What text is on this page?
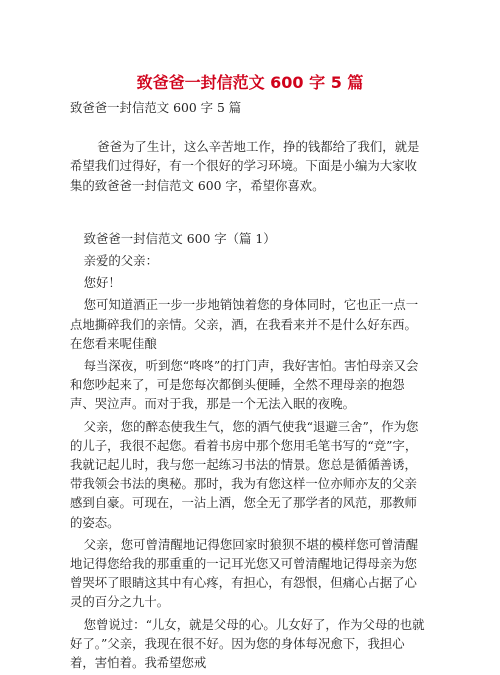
致爸爸一封信范文 600 字 5 篇

致爸爸一封信范文 600 字 5 篇

爸爸为了生计，这么辛苦地工作，挣的钱都给了我们，就是希望我们过得好，有一个很好的学习环境。下面是小编为大家收集的致爸爸一封信范文 600 字，希望你喜欢。

致爸爸一封信范文 600 字（篇 1）

亲爱的父亲：

您好！

您可知道酒正一步一步地销蚀着您的身体同时，它也正一点一点地撕碎我们的亲情。父亲，酒，在我看来并不是什么好东西。在您看来呢佳酿

每当深夜，听到您“咚咚”的打门声，我好害怕。害怕母亲又会和您吵起来了，可是您每次都倒头便睡，全然不理母亲的抱怨声、哭泣声。而对于我，那是一个无法入眠的夜晚。

父亲，您的醉态使我生气，您的酒气使我“退避三舍”，作为您的儿子，我很不起您。看着书房中那个您用毛笔书写的“竞”字，我就记起儿时，我与您一起练习书法的情景。您总是循循善诱，带我领会书法的奥秘。那时，我为有您这样一位亦师亦友的父亲感到自豪。可现在，一沾上酒，您全无了那学者的风范，那教师的姿态。

父亲，您可曾清醒地记得您回家时狼狈不堪的模样您可曾清醒地记得您给我的那重重的一记耳光您又可曾清醒地记得母亲为您曾哭坏了眼睛这其中有心疼，有担心，有怨恨，但痛心占据了心灵的百分之九十。

您曾说过：“儿女，就是父母的心。儿女好了，作为父母的也就好了。”父亲，我现在很不好。因为您的身体每况愈下，我担心着，害怕着。我希望您戒
